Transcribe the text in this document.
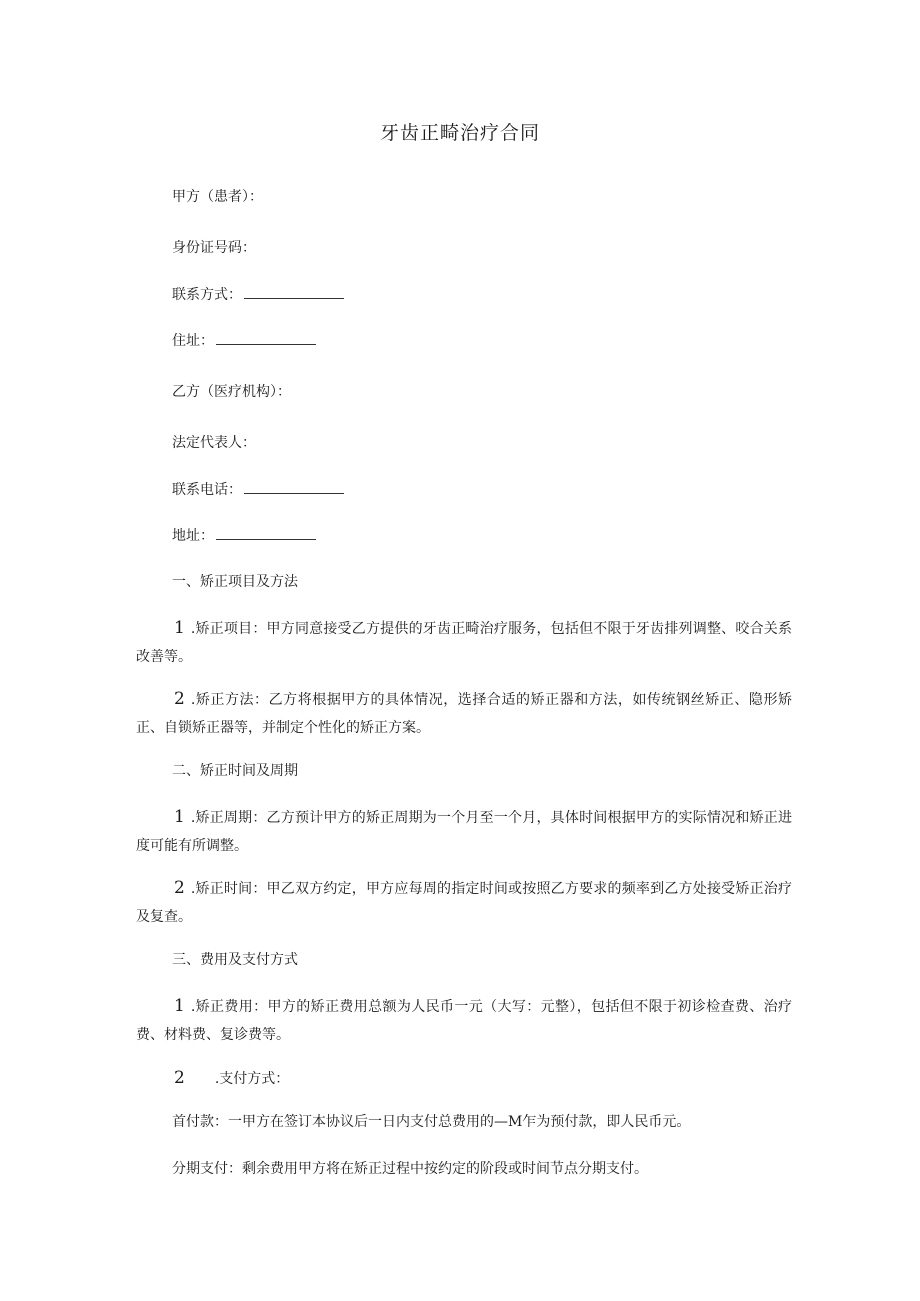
牙齿正畸治疗合同
甲方（患者）：
身份证号码：
联系方式：
住址：
乙方（医疗机构）：
法定代表人：
联系电话：
地址：
一、矫正项目及方法
1 .矫正项目：甲方同意接受乙方提供的牙齿正畸治疗服务，包括但不限于牙齿排列调整、咬合关系改善等。
2 .矫正方法：乙方将根据甲方的具体情况，选择合适的矫正器和方法，如传统钢丝矫正、隐形矫正、自锁矫正器等，并制定个性化的矫正方案。
二、矫正时间及周期
1 .矫正周期：乙方预计甲方的矫正周期为一个月至一个月，具体时间根据甲方的实际情况和矫正进度可能有所调整。
2 .矫正时间：甲乙双方约定，甲方应每周的指定时间或按照乙方要求的频率到乙方处接受矫正治疗及复查。
三、费用及支付方式
1 .矫正费用：甲方的矫正费用总额为人民币一元（大写：元整），包括但不限于初诊检查费、治疗费、材料费、复诊费等。
2 .支付方式：
首付款：一甲方在签订本协议后一日内支付总费用的—M乍为预付款，即人民币元。
分期支付：剩余费用甲方将在矫正过程中按约定的阶段或时间节点分期支付。
